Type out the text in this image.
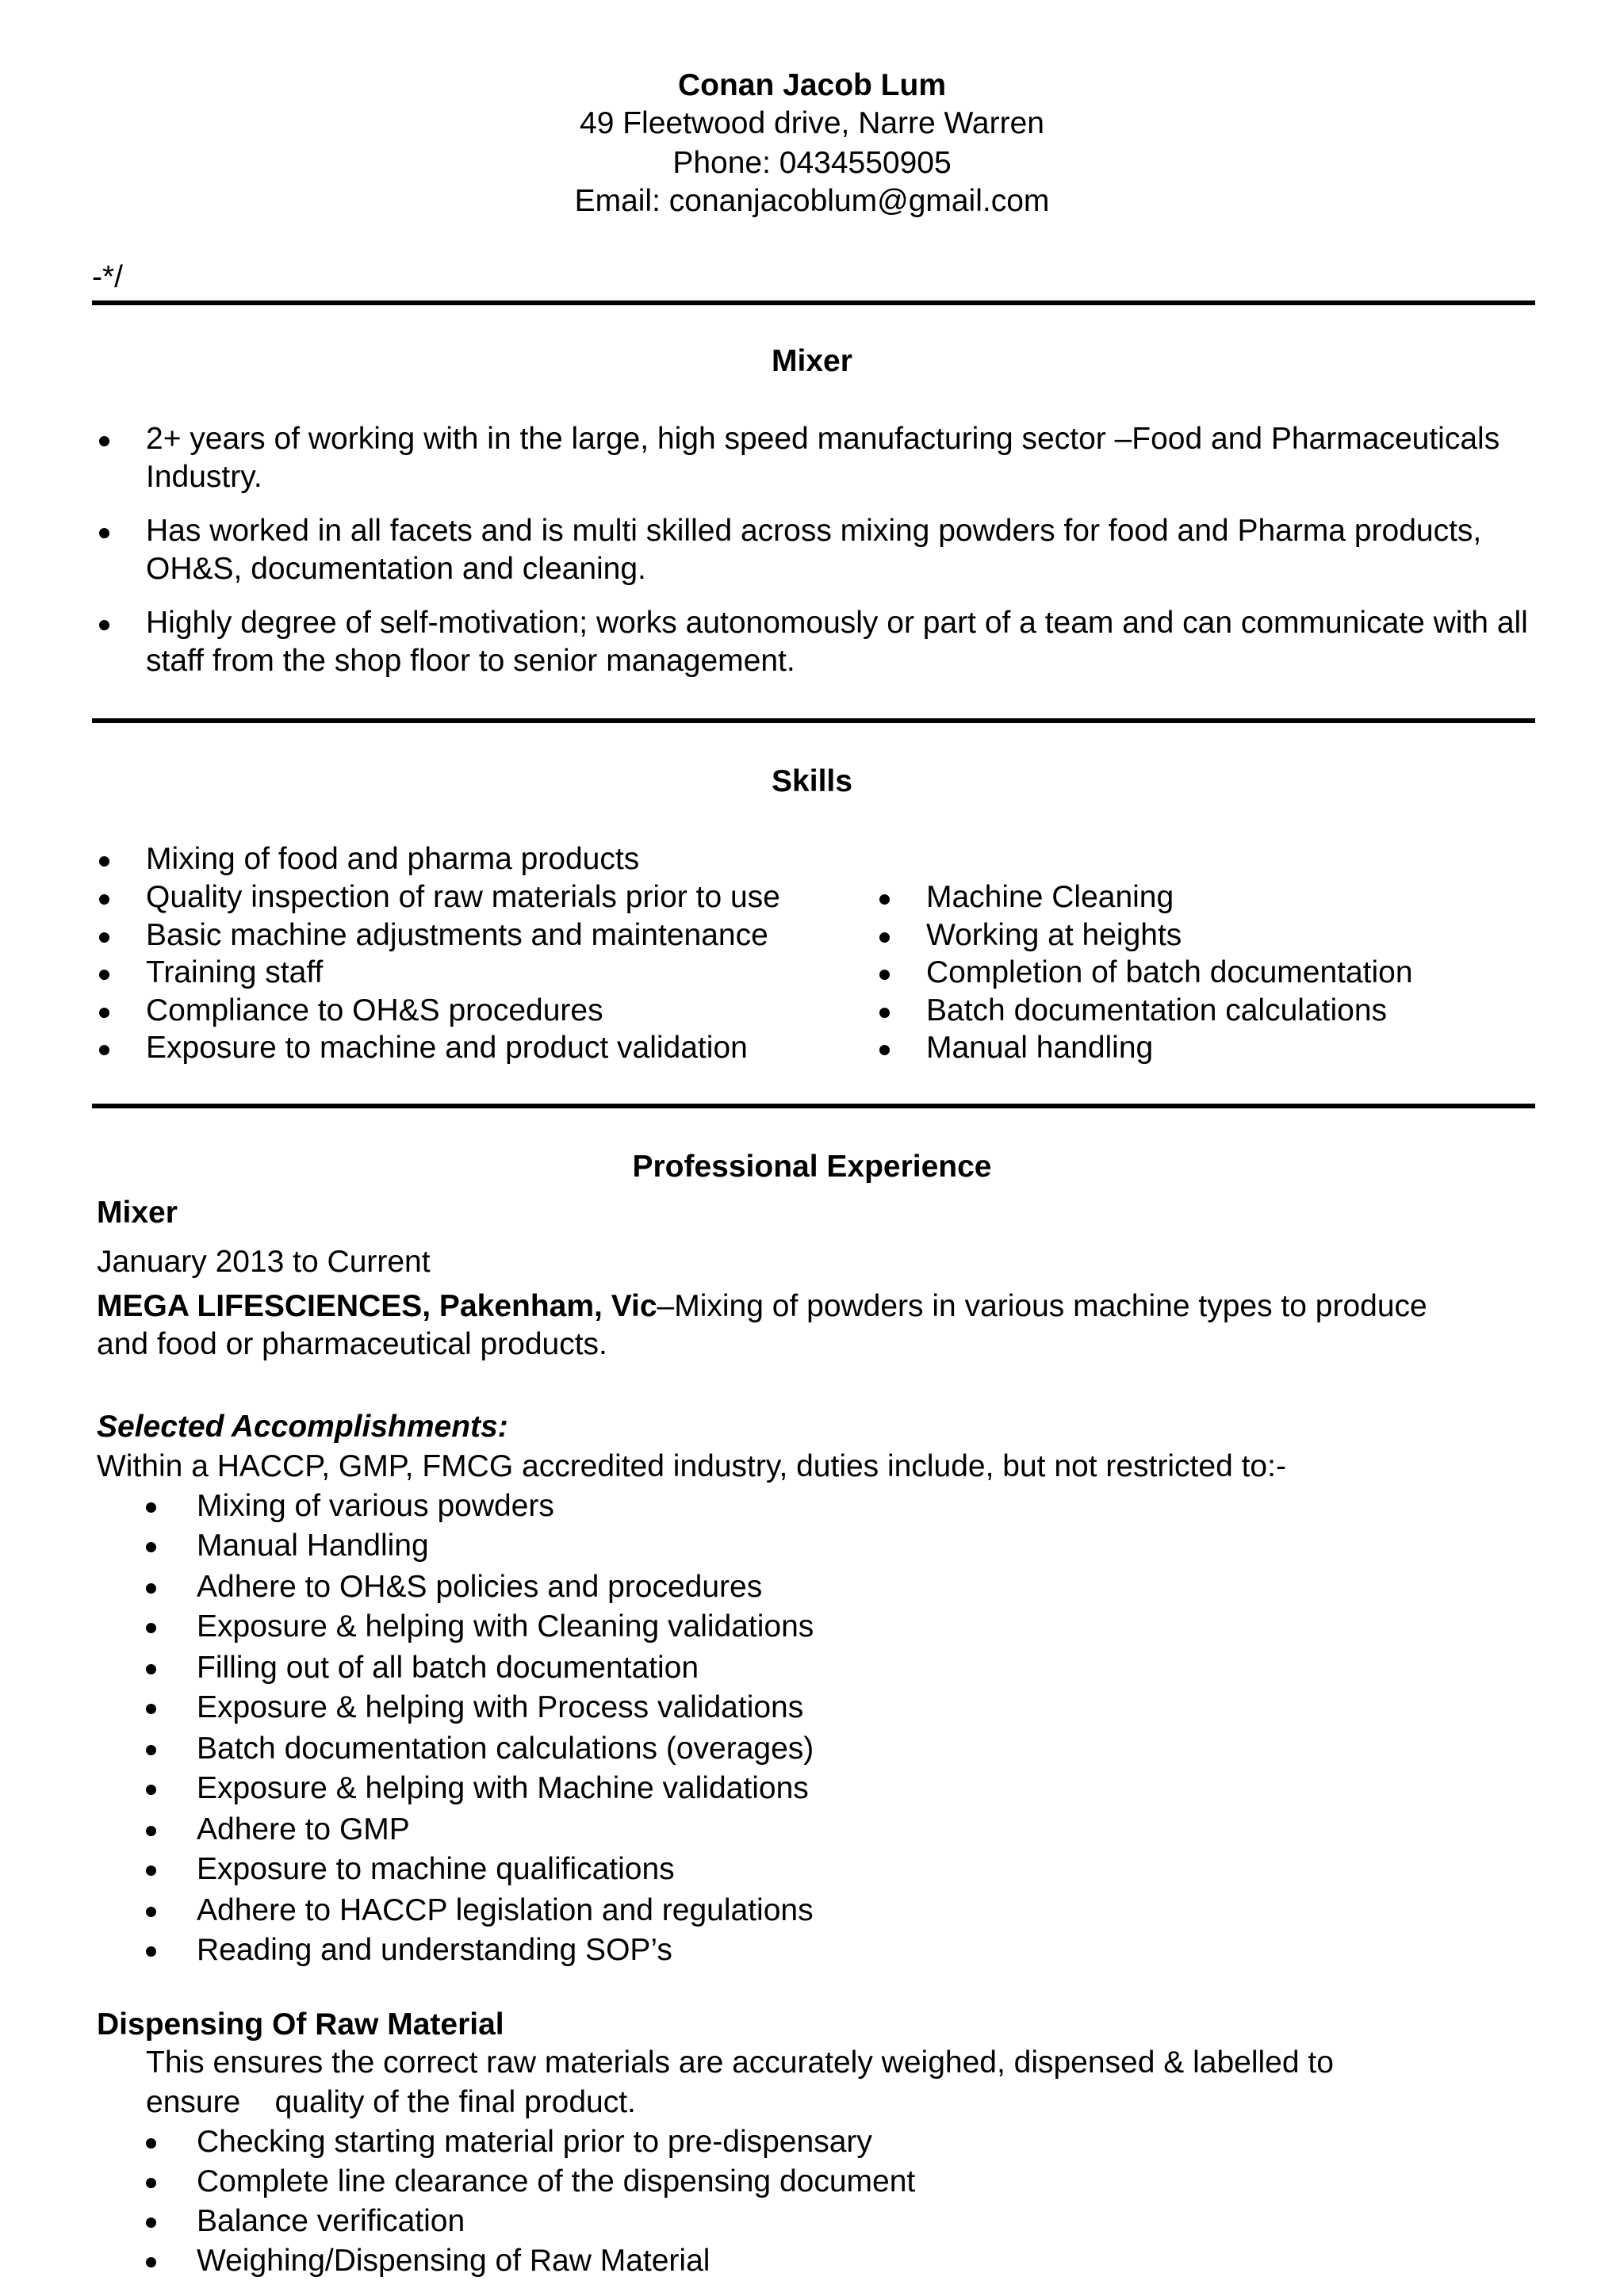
Conan Jacob Lum
49 Fleetwood drive, Narre Warren
Phone: 0434550905
Email: conanjacoblum@gmail.com
-*/
Mixer
2+ years of working with in the large, high speed manufacturing sector –Food and Pharmaceuticals Industry.
Has worked in all facets and is multi skilled across mixing powders for food and Pharma products, OH&S, documentation and cleaning.
Highly degree of self-motivation; works autonomously or part of a team and can communicate with all staff from the shop floor to senior management.
Skills
Mixing of food and pharma products
Quality inspection of raw materials prior to use
Basic machine adjustments and maintenance
Training staff
Compliance to OH&S procedures
Exposure to machine and product validation
Machine Cleaning
Working at heights
Completion of batch documentation
Batch documentation calculations
Manual handling
Professional Experience
Mixer
January 2013 to Current
MEGA LIFESCIENCES, Pakenham, Vic–Mixing of powders in various machine types to produce
and food or pharmaceutical products.
Selected Accomplishments:
Within a HACCP, GMP, FMCG accredited industry, duties include, but not restricted to:-
Mixing of various powders
Manual Handling
Adhere to OH&S policies and procedures
Exposure & helping with Cleaning validations
Filling out of all batch documentation
Exposure & helping with Process validations
Batch documentation calculations (overages)
Exposure & helping with Machine validations
Adhere to GMP
Exposure to machine qualifications
Adhere to HACCP legislation and regulations
Reading and understanding SOP’s
Dispensing Of Raw Material
This ensures the correct raw materials are accurately weighed, dispensed & labelled to
ensure    quality of the final product.
Checking starting material prior to pre-dispensary
Complete line clearance of the dispensing document
Balance verification
Weighing/Dispensing of Raw Material
